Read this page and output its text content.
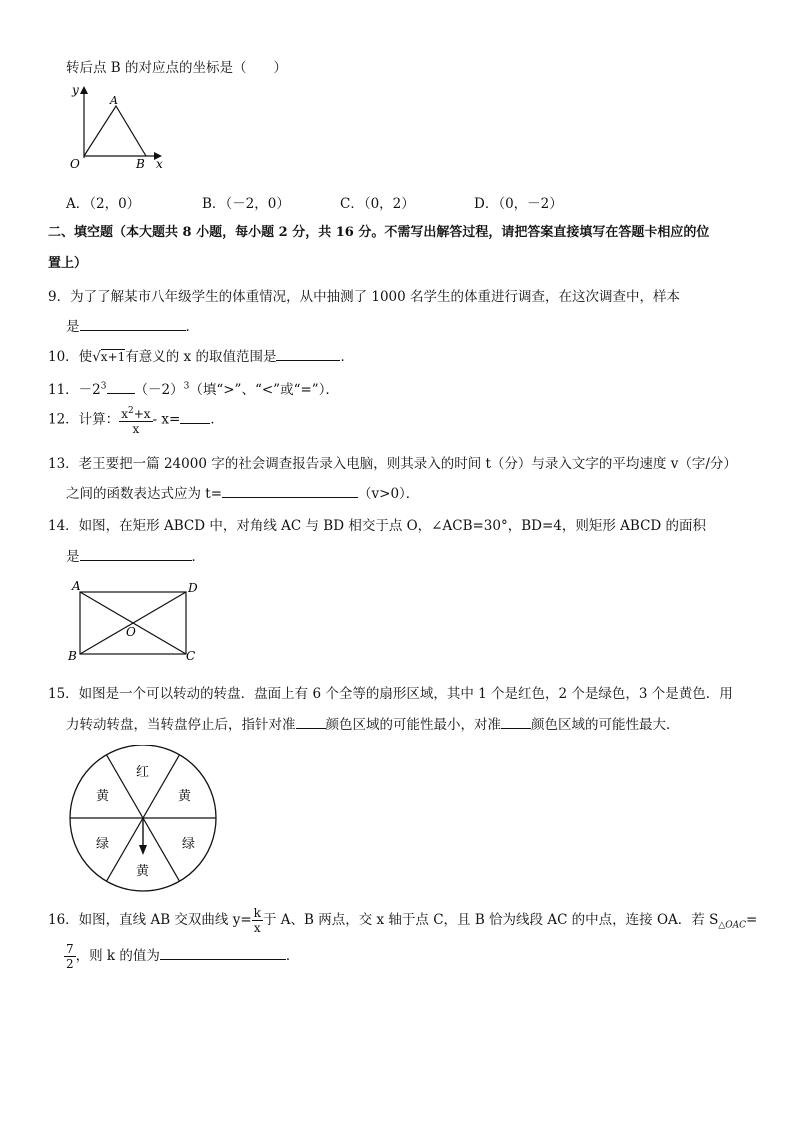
转后点 B 的对应点的坐标是（　　）
y
A
O	B x
A．（2，0）	B．（－2，0）	C．（0，2）	D．（0，－2）
二、填空题（本大题共 8 小题，每小题 2 分，共 16 分。不需写出解答过程，请把答案直接填写在答题卡相应的位
置上）
9．为了了解某市八年级学生的体重情况，从中抽测了 1000 名学生的体重进行调查，在这次调查中，样本
是	．
10．使√x+1有意义的 x 的取值范围是	．
11．$-2^3$ $(-2)^3$（填“>”、“<”或“=”）．
12．计算： $\frac{x^2+x}{x} - x=$ ．
13．老王要把一篇 24000 字的社会调查报告录入电脑，则其录入的时间 t（分）与录入文字的平均速度 v（字/分）
之间的函数表达式应为 t=	（v>0）．
14．如图，在矩形 ABCD 中，对角线 AC 与 BD 相交于点 O，∠ACB=30°，BD=4，则矩形 ABCD 的面积
是	．
A	D
O
B	C
15．如图是一个可以转动的转盘．盘面上有 6 个全等的扇形区域，其中 1 个是红色，2 个是绿色，3 个是黄色．用
力转动转盘，当转盘停止后，指针对准 颜色区域的可能性最小，对准 颜色区域的可能性最大．
红
黄
黄
绿	绿
黄
16．如图，直线 AB 交双曲线 $y= \frac{k}{x}$ 于 A、B 两点，交 x 轴于点 C，且 B 恰为线段 AC 的中点，连接 OA．若 $S_{\triangle OAC}=$
$\frac{7}{2}$ ，则 k 的值为	．
